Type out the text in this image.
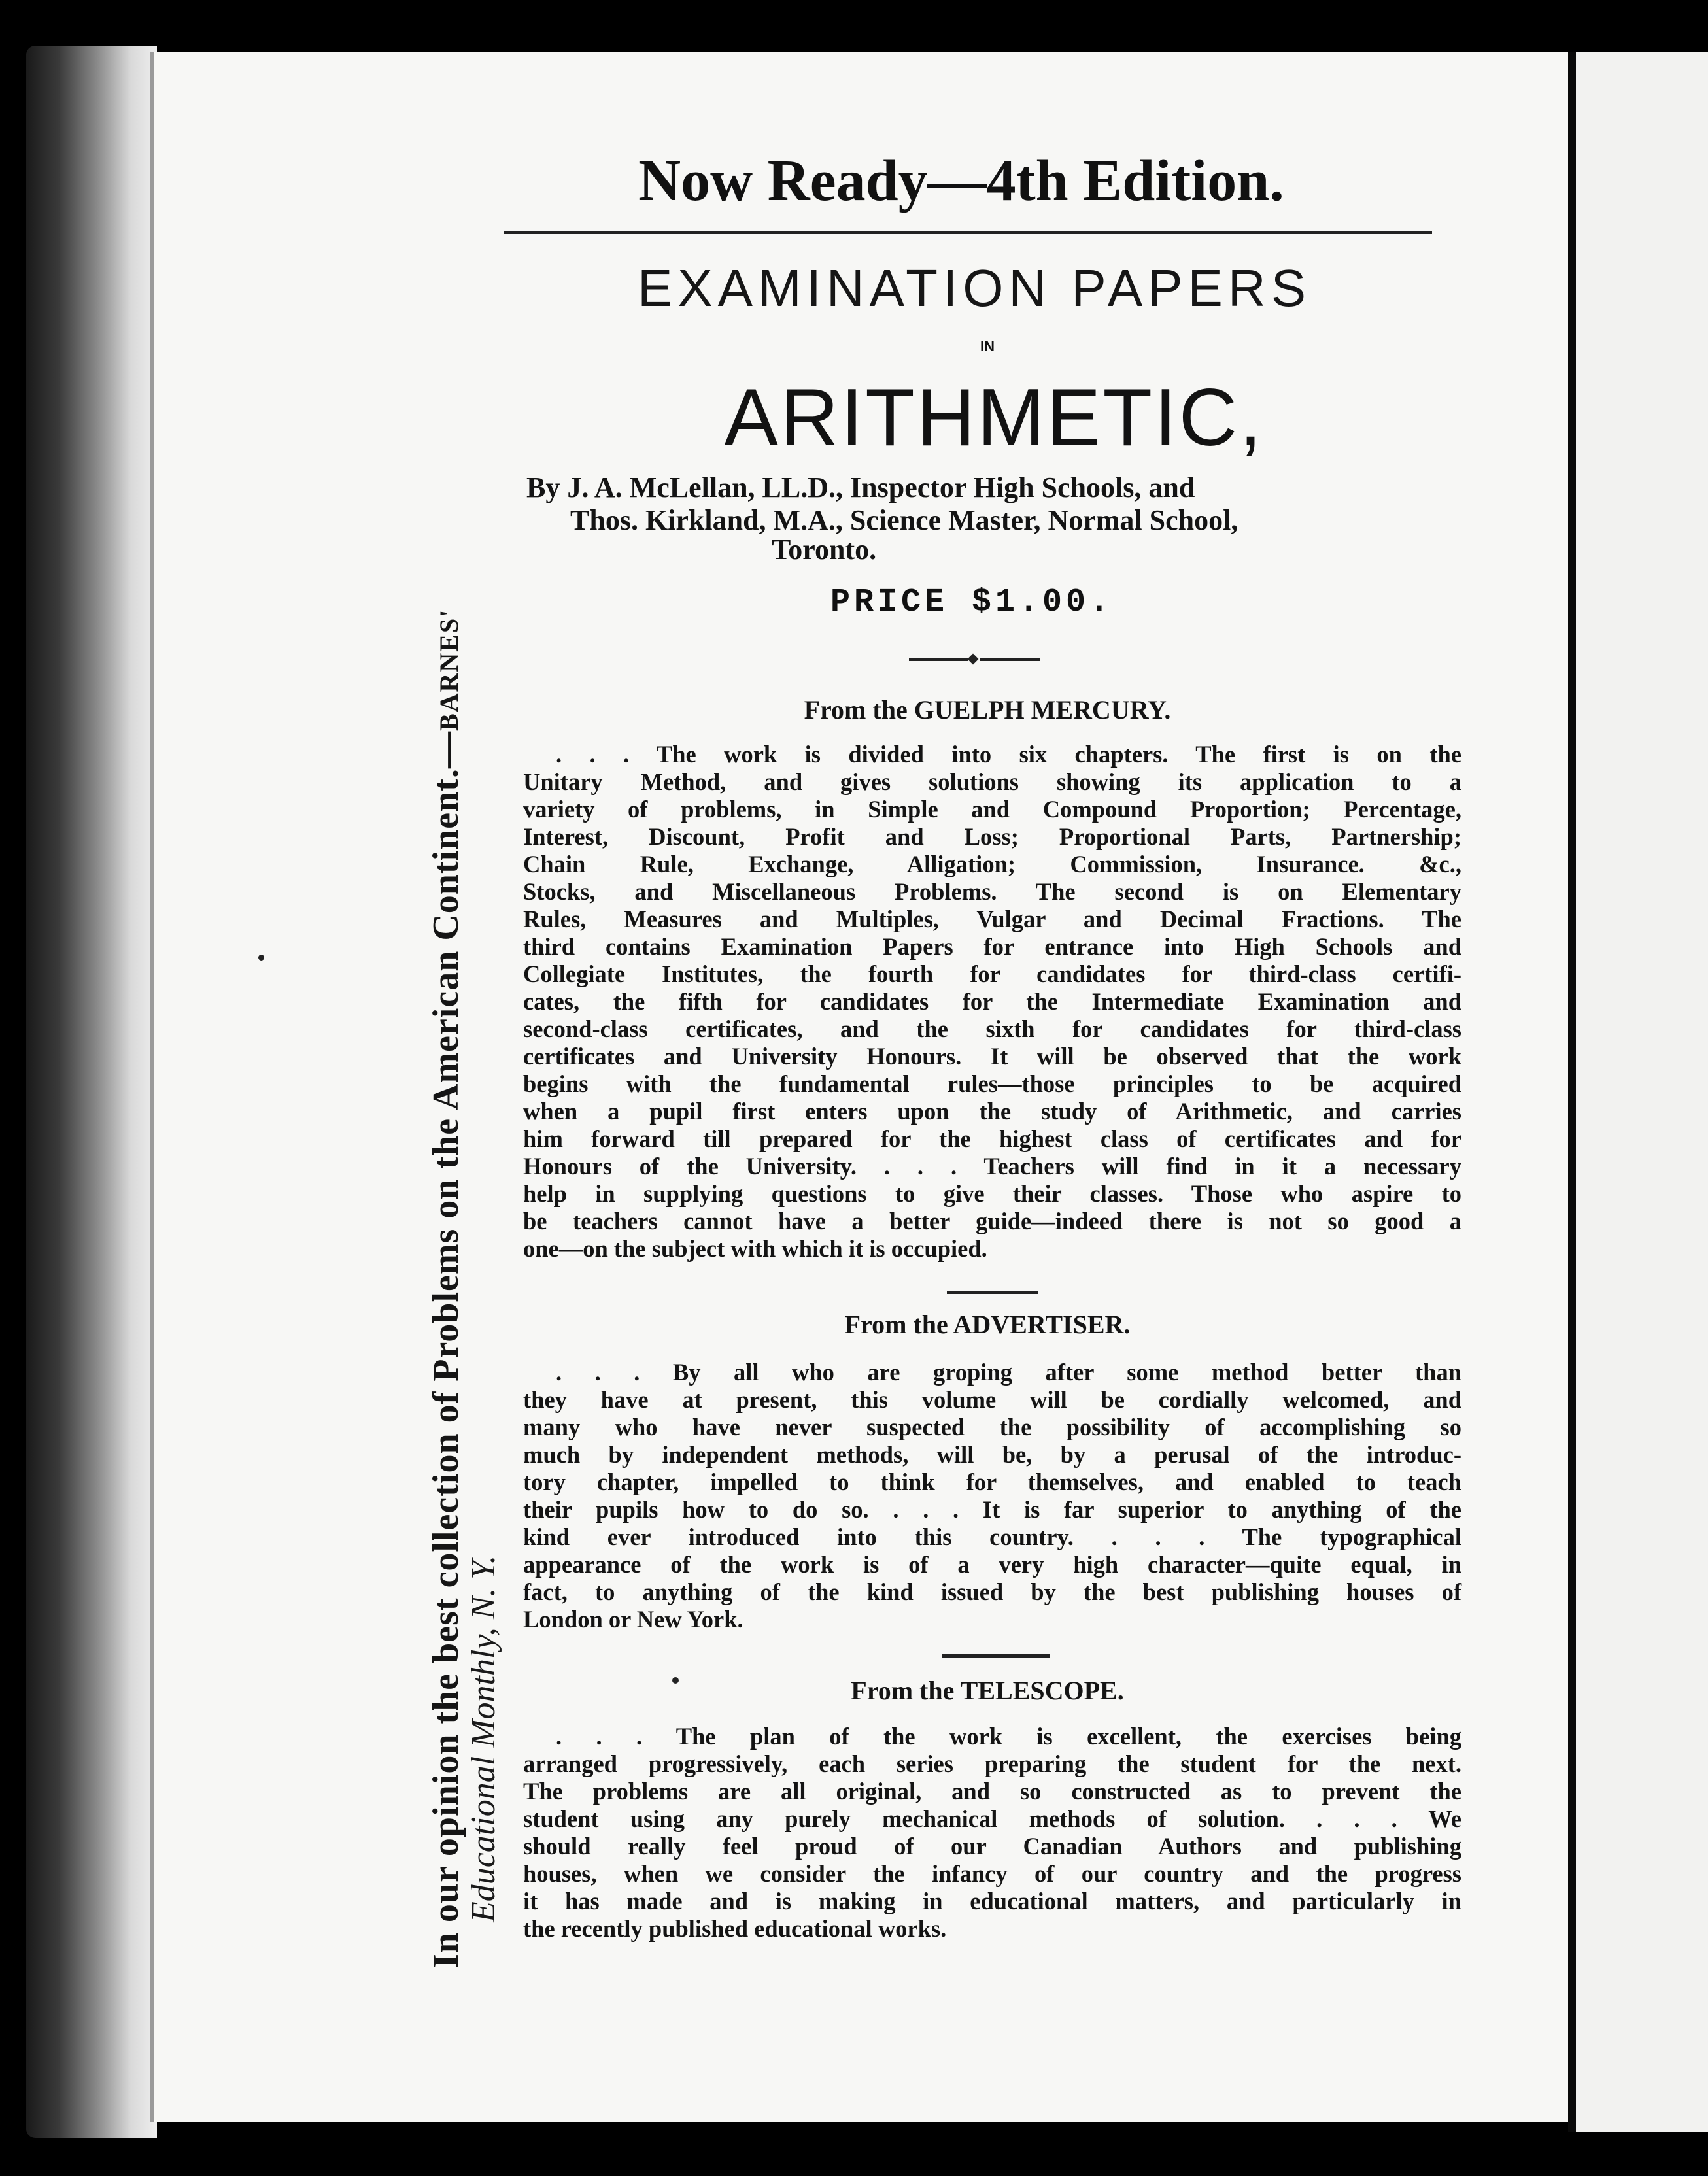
In our opinion the best collection of Problems on the American Continent.—BARNES'
Educational Monthly, N. Y.
Now Ready—4th Edition.
EXAMINATION PAPERS
IN
ARITHMETIC,
By J. A. McLellan, LL.D., Inspector High Schools, and
Thos. Kirkland, M.A., Science Master, Normal School,
Toronto.
PRICE $1.00.
From the GUELPH MERCURY.
. . . The work is divided into six chapters. The first is on the
Unitary Method, and gives solutions showing its application to a
variety of problems, in Simple and Compound Proportion; Percentage,
Interest, Discount, Profit and Loss; Proportional Parts, Partnership;
Chain Rule, Exchange, Alligation; Commission, Insurance. &c.,
Stocks, and Miscellaneous Problems. The second is on Elementary
Rules, Measures and Multiples, Vulgar and Decimal Fractions. The
third contains Examination Papers for entrance into High Schools and
Collegiate Institutes, the fourth for candidates for third-class certifi-
cates, the fifth for candidates for the Intermediate Examination and
second-class certificates, and the sixth for candidates for third-class
certificates and University Honours. It will be observed that the work
begins with the fundamental rules—those principles to be acquired
when a pupil first enters upon the study of Arithmetic, and carries
him forward till prepared for the highest class of certificates and for
Honours of the University. . . . Teachers will find in it a necessary
help in supplying questions to give their classes. Those who aspire to
be teachers cannot have a better guide—indeed there is not so good a
one—on the subject with which it is occupied.
From the ADVERTISER.
. . . By all who are groping after some method better than
they have at present, this volume will be cordially welcomed, and
many who have never suspected the possibility of accomplishing so
much by independent methods, will be, by a perusal of the introduc-
tory chapter, impelled to think for themselves, and enabled to teach
their pupils how to do so. . . . It is far superior to anything of the
kind ever introduced into this country. . . . The typographical
appearance of the work is of a very high character—quite equal, in
fact, to anything of the kind issued by the best publishing houses of
London or New York.
From the TELESCOPE.
. . . The plan of the work is excellent, the exercises being
arranged progressively, each series preparing the student for the next.
The problems are all original, and so constructed as to prevent the
student using any purely mechanical methods of solution. . . . We
should really feel proud of our Canadian Authors and publishing
houses, when we consider the infancy of our country and the progress
it has made and is making in educational matters, and particularly in
the recently published educational works.
